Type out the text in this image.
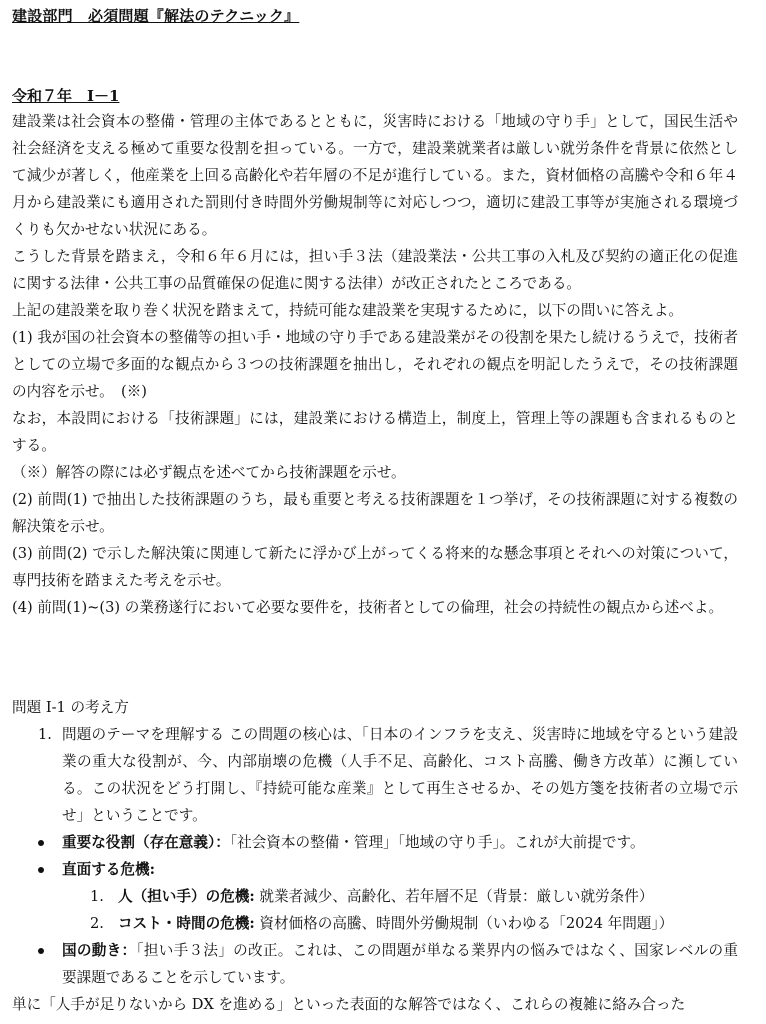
建設部門　必須問題『解法のテクニック』
令和７年　Ⅰ－1

建設業は社会資本の整備・管理の主体であるとともに，災害時における「地域の守り手」として，国民生活や社会経済を支える極めて重要な役割を担っている。一方で，建設業就業者は厳しい就労条件を背景に依然として減少が著しく，他産業を上回る高齢化や若年層の不足が進行している。また，資材価格の高騰や令和６年４月から建設業にも適用された罰則付き時間外労働規制等に対応しつつ，適切に建設工事等が実施される環境づくりも欠かせない状況にある。

こうした背景を踏まえ，令和６年６月には，担い手３法（建設業法・公共工事の入札及び契約の適正化の促進に関する法律・公共工事の品質確保の促進に関する法律）が改正されたところである。

上記の建設業を取り巻く状況を踏まえて，持続可能な建設業を実現するために，以下の問いに答えよ。

(1) 我が国の社会資本の整備等の担い手・地域の守り手である建設業がその役割を果たし続けるうえで，技術者としての立場で多面的な観点から３つの技術課題を抽出し，それぞれの観点を明記したうえで，その技術課題の内容を示せ。　(※)

なお，本設問における「技術課題」には，建設業における構造上，制度上，管理上等の課題も含まれるものとする。

（※）解答の際には必ず観点を述べてから技術課題を示せ。

(2) 前問(1) で抽出した技術課題のうち，最も重要と考える技術課題を１つ挙げ，その技術課題に対する複数の解決策を示せ。

(3) 前問(2) で示した解決策に関連して新たに浮かび上がってくる将来的な懸念事項とそれへの対策について，専門技術を踏まえた考えを示せ。

(4) 前問(1)~(3) の業務遂行において必要な要件を，技術者としての倫理，社会の持続性の観点から述べよ。

問題 Ⅰ-1 の考え方
1. 問題のテーマを理解する この問題の核心は、「日本のインフラを支え、災害時に地域を守るという建設業の重大な役割が、今、内部崩壊の危機（人手不足、高齢化、コスト高騰、働き方改革）に瀕している。この状況をどう打開し、『持続可能な産業』として再生させるか、その処方箋を技術者の立場で示せ」ということです。
重要な役割（存在意義）：「社会資本の整備・管理」「地域の守り手」。これが大前提です。
直面する危機:
1. 人（担い手）の危機: 就業者減少、高齢化、若年層不足（背景：厳しい就労条件）
2. コスト・時間の危機: 資材価格の高騰、時間外労働規制（いわゆる「2024 年問題」）
国の動き：「担い手３法」の改正。これは、この問題が単なる業界内の悩みではなく、国家レベルの重要課題であることを示しています。
単に「人手が足りないから DX を進める」といった表面的な解答ではなく、これらの複雑に絡み合った
